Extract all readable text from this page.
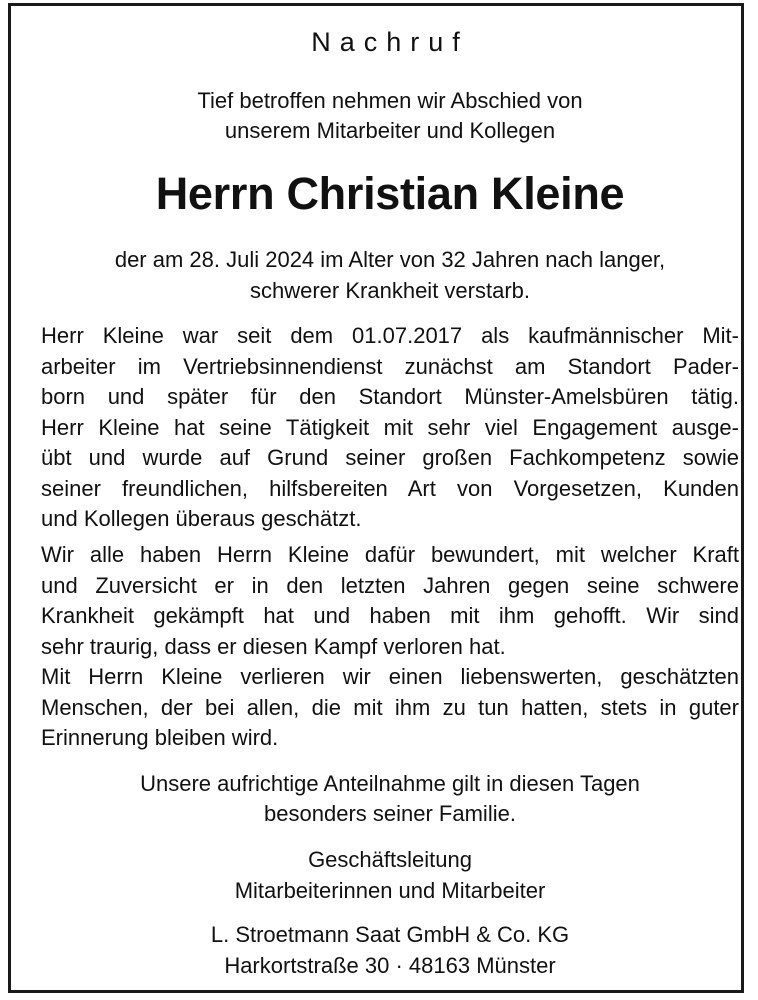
Nachruf
Tief betroffen nehmen wir Abschied von
unserem Mitarbeiter und Kollegen
Herrn Christian Kleine
der am 28. Juli 2024 im Alter von 32 Jahren nach langer,
schwerer Krankheit verstarb.
Herr Kleine war seit dem 01.07.2017 als kaufmännischer Mit-
arbeiter im Vertriebsinnendienst zunächst am Standort Pader-
born und später für den Standort Münster-Amelsbüren tätig.
Herr Kleine hat seine Tätigkeit mit sehr viel Engagement ausge-
übt und wurde auf Grund seiner großen Fachkompetenz sowie
seiner freundlichen, hilfsbereiten Art von Vorgesetzen, Kunden
und Kollegen überaus geschätzt.
Wir alle haben Herrn Kleine dafür bewundert, mit welcher Kraft
und Zuversicht er in den letzten Jahren gegen seine schwere
Krankheit gekämpft hat und haben mit ihm gehofft. Wir sind
sehr traurig, dass er diesen Kampf verloren hat.
Mit Herrn Kleine verlieren wir einen liebenswerten, geschätzten
Menschen, der bei allen, die mit ihm zu tun hatten, stets in guter
Erinnerung bleiben wird.
Unsere aufrichtige Anteilnahme gilt in diesen Tagen
besonders seiner Familie.
Geschäftsleitung
Mitarbeiterinnen und Mitarbeiter
L. Stroetmann Saat GmbH & Co. KG
Harkortstraße 30 · 48163 Münster
